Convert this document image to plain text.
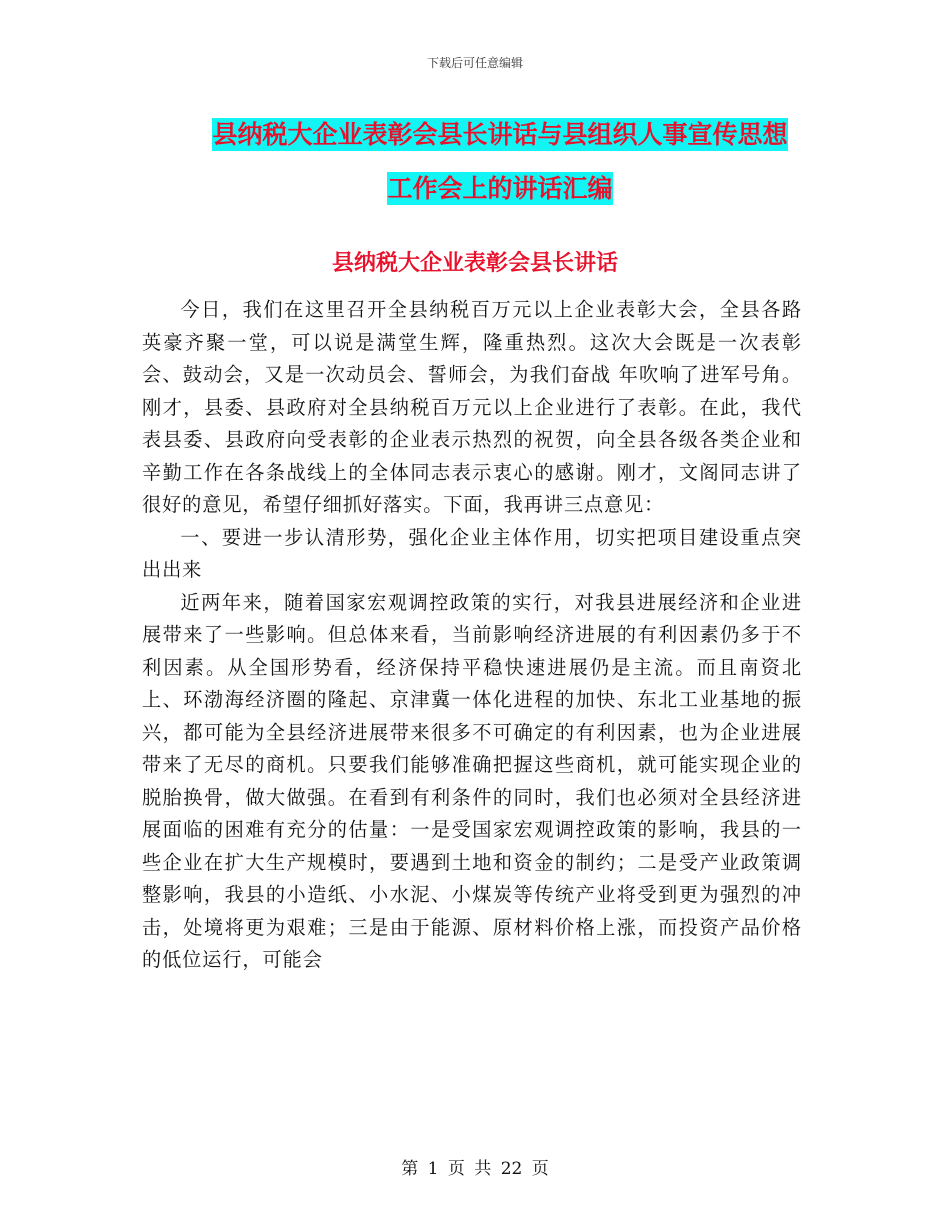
下载后可任意编辑
县纳税大企业表彰会县长讲话与县组织人事宣传思想
工作会上的讲话汇编
县纳税大企业表彰会县长讲话

今日，我们在这里召开全县纳税百万元以上企业表彰大会，全县各路英豪齐聚一堂，可以说是满堂生辉，隆重热烈。这次大会既是一次表彰会、鼓动会，又是一次动员会、誓师会，为我们奋战 年吹响了进军号角。刚才，县委、县政府对全县纳税百万元以上企业进行了表彰。在此，我代表县委、县政府向受表彰的企业表示热烈的祝贺，向全县各级各类企业和辛勤工作在各条战线上的全体同志表示衷心的感谢。刚才，文阁同志讲了很好的意见，希望仔细抓好落实。下面，我再讲三点意见：

一、要进一步认清形势，强化企业主体作用，切实把项目建设重点突出出来

近两年来，随着国家宏观调控政策的实行，对我县进展经济和企业进展带来了一些影响。但总体来看，当前影响经济进展的有利因素仍多于不利因素。从全国形势看，经济保持平稳快速进展仍是主流。而且南资北上、环渤海经济圈的隆起、京津冀一体化进程的加快、东北工业基地的振兴，都可能为全县经济进展带来很多不可确定的有利因素，也为企业进展带来了无尽的商机。只要我们能够准确把握这些商机，就可能实现企业的脱胎换骨，做大做强。在看到有利条件的同时，我们也必须对全县经济进展面临的困难有充分的估量：一是受国家宏观调控政策的影响，我县的一些企业在扩大生产规模时，要遇到土地和资金的制约；二是受产业政策调整影响，我县的小造纸、小水泥、小煤炭等传统产业将受到更为强烈的冲击，处境将更为艰难；三是由于能源、原材料价格上涨，而投资产品价格的低位运行，可能会

第 1 页 共 22 页
